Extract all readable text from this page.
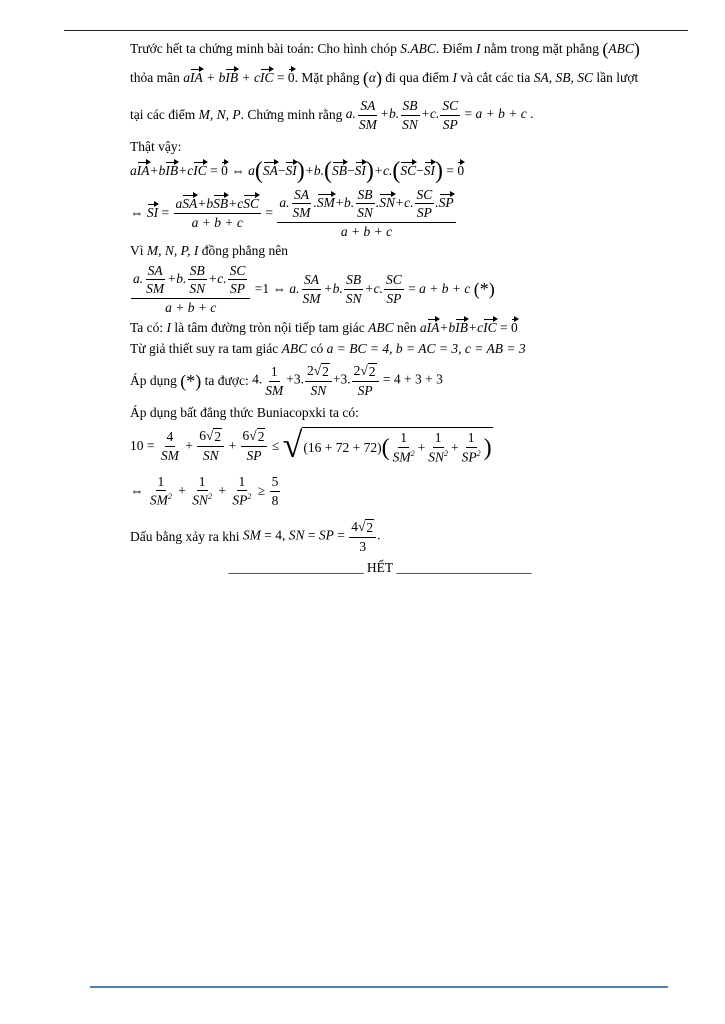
Trước hết ta chứng minh bài toán: Cho hình chóp
S.ABC . Điểm
I
nằm trong mặt phẳng
( ABC )
thỏa mãn
aIA + bIB + cIC = 0 . Mặt phẳng
( α )
đi qua điểm
I
và cắt các tia
SA, SB, SC
lần lượt
tại các điểm
M, N, P . Chứng minh rằng
a. $\frac{SA}{SM} +b$. $\frac{SB}{SN} +c$. $\frac{SC}{SP} = a + b + c$ .
Thật vậy:
a IA +b IB +c IC = 0 ⇔ a ( SA − SI ) +b. ( SB − SI ) +c. ( SC − SI ) = 0
⇔ SI = $\frac{\text{aSA+bSB+cSC}}{a + b + c} = \frac{a. \frac{SA}{SM} .SM+b. \frac{SB}{SN} .SN+c. \frac{SC}{SP} .SP}{a + b + c}$
Vì
M, N, P, I
đồng phẳng nên
$\frac{a. \frac{SA}{SM} +b. \frac{SB}{SN} +c. \frac{SC}{SP}}{a + b + c} =1$ ⇔ a. $\frac{SA}{SM} +b$. $\frac{SB}{SN} +c$. $\frac{SC}{SP} = a + b + c$ (*)
Ta có:
I
là tâm đường tròn nội tiếp tam giác
ABC
nên
aIA+bIB+cIC = 0
Từ giả thiết suy ra tam giác
ABC
có
a = BC = 4, b = AC = 3, c = AB = 3
Áp dụng
(*)
ta được:
4. $\frac{1}{SM} +3$. $\frac{2 √ 2}{SN} +3$. $\frac{2 √ 2}{SP} = 4 + 3 + 3$
Áp dụng bất đẳng thức Buniacopxki ta có:
$10 = \frac{4}{SM} + \frac{6 √ 2}{SN} + \frac{6 √ 2}{SP}$ ≤ √ (16 + 72 + 72) ( $\frac{1}{SM^2} + \frac{1}{SN^2} + \frac{1}{SP^2}$ )
⇔ $\frac{1}{SM^2} + \frac{1}{SN^2} + \frac{1}{SP^2} \ge \frac{5}{8}$
Dấu bằng xảy ra khi
SM = 4, SN = SP = $\frac{4 √ 2}{3}$ .
____________________
HẾT
____________________
